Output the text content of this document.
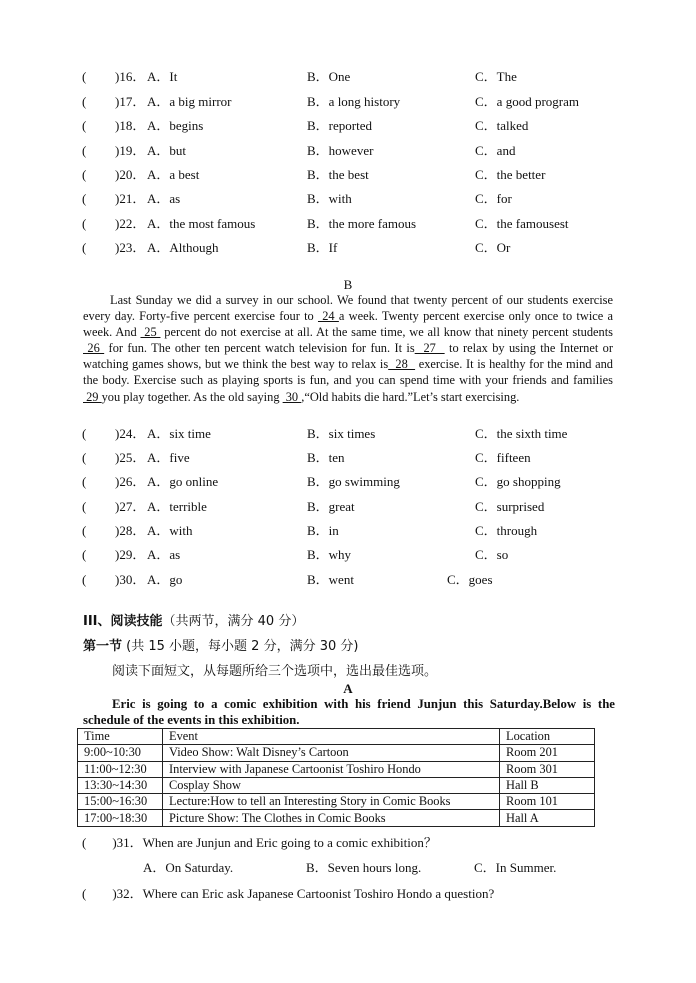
( )16． A．It	B．One	C．The
( )17． A．a big mirror	B．a long history	C．a good program
( )18． A．begins	B．reported	C．talked
( )19． A．but	B．however	C．and
( )20． A．a best	B．the best	C．the better
( )21． A．as	B．with	C．for
( )22． A．the most famous	B．the more famous	C．the famousest
( )23． A．Although	B．If	C．Or
B

Last Sunday we did a survey in our school. We found that twenty percent of our students exercise every day. Forty-five percent exercise four to  24 a week. Twenty percent exercise only once to twice a week. And  25  percent do not exercise at all. At the same time, we all know that ninety percent students  26  for fun. The other ten percent watch television for fun. It is  27   to relax by using the Internet or watching games shows, but we think the best way to relax is  28   exercise. It is healthy for the mind and the body. Exercise such as playing sports is fun, and you can spend time with your friends and families  29 you play together. As the old saying  30 ,“Old habits die hard.”Let’s start exercising.

( )24． A．six time	B．six times	C．the sixth time
( )25． A．five	B．ten	C．fifteen
( )26． A．go online	B．go swimming	C．go shopping
( )27． A．terrible	B．great	C．surprised
( )28． A．with	B．in	C．through
( )29． A．as	B．why	C．so
( )30． A．go	B．went	C．goes
III、阅读技能（共两节，满分 40 分）
第一节 (共 15 小题，每小题 2 分，满分 30 分)
阅读下面短文，从每题所给三个选项中，选出最佳选项。
A

Eric is going to a comic exhibition with his friend Junjun this Saturday.Below is the schedule of the events in this exhibition.

Time	Event	Location
9:00~10:30	Video Show: Walt Disney’s Cartoon	Room 201
11:00~12:30	Interview with Japanese Cartoonist Toshiro Hondo	Room 301
13:30~14:30	Cosplay Show	Hall B
15:00~16:30	Lecture:How to tell an Interesting Story in Comic Books	Room 101
17:00~18:30	Picture Show: The Clothes in Comic Books	Hall A
(　　)31．When are Junjun and Eric going to a comic exhibition？
A．On Saturday.	B．Seven hours long.	C．In Summer.
(　　)32．Where can Eric ask Japanese Cartoonist Toshiro Hondo a question?
